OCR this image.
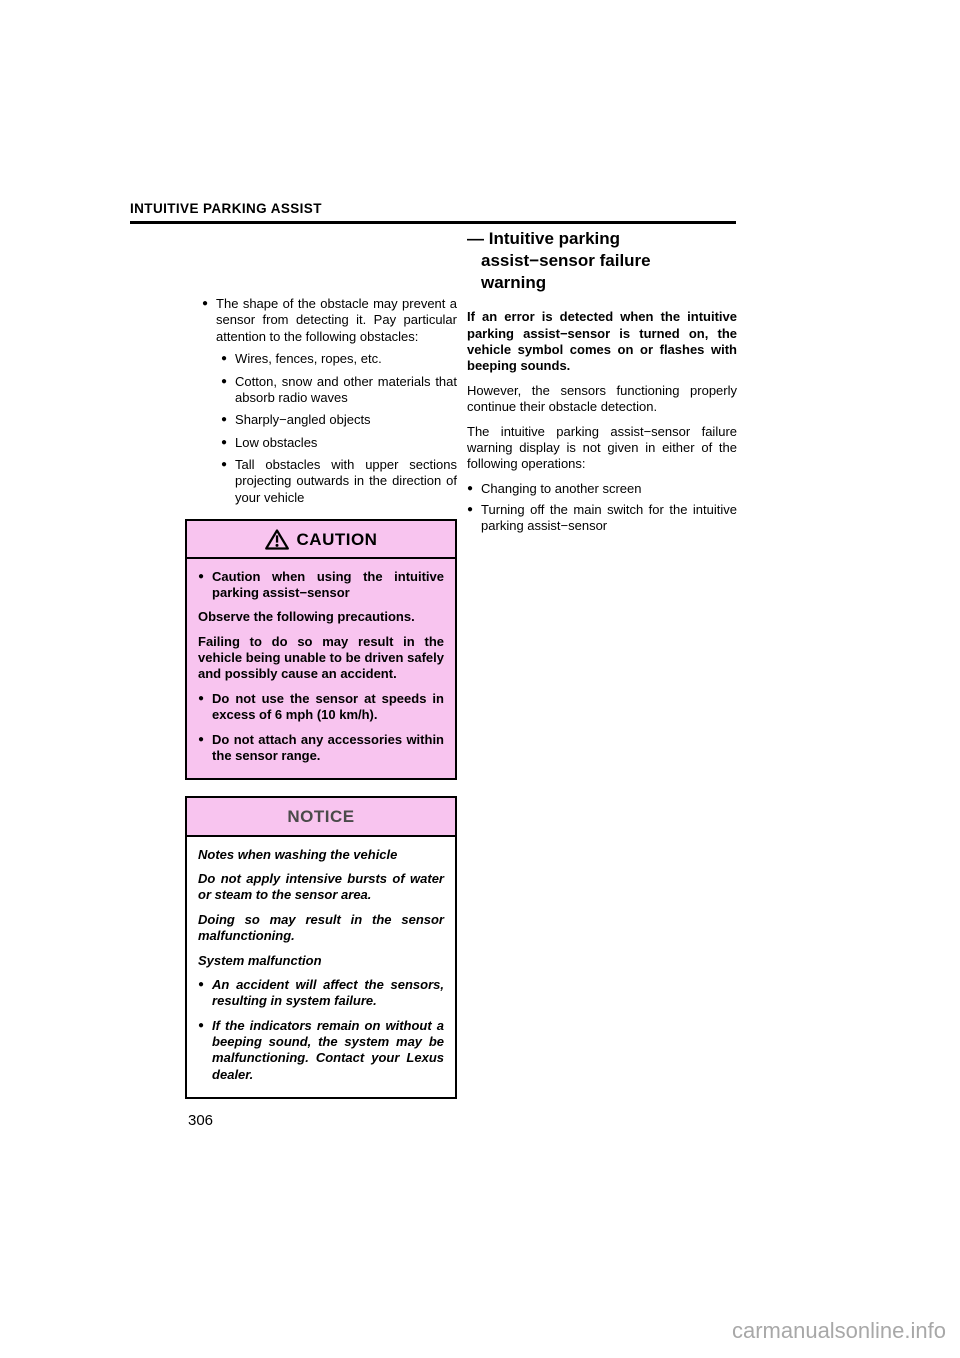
INTUITIVE PARKING ASSIST
● The shape of the obstacle may prevent a sensor from detecting it. Pay particular attention to the following obstacles:
● Wires, fences, ropes, etc.
● Cotton, snow and other materials that absorb radio waves
● Sharply−angled objects
● Low obstacles
● Tall obstacles with upper sections projecting outwards in the direction of your vehicle
CAUTION
● Caution when using the intuitive parking assist−sensor

Observe the following precautions.

Failing to do so may result in the vehicle being unable to be driven safely and possibly cause an accident.

● Do not use the sensor at speeds in excess of 6 mph (10 km/h).
● Do not attach any accessories within the sensor range.
NOTICE

Notes when washing the vehicle

Do not apply intensive bursts of water or steam to the sensor area.

Doing so may result in the sensor malfunctioning.

System malfunction

● An accident will affect the sensors, resulting in system failure.
● If the indicators remain on without a beeping sound, the system may be malfunctioning. Contact your Lexus dealer.
— Intuitive parking assist−sensor failure warning

If an error is detected when the intuitive parking assist−sensor is turned on, the vehicle symbol comes on or flashes with beeping sounds.

However, the sensors functioning properly continue their obstacle detection.

The intuitive parking assist−sensor failure warning display is not given in either of the following operations:

● Changing to another screen
● Turning off the main switch for the intuitive parking assist−sensor
306
carmanualsonline.info
